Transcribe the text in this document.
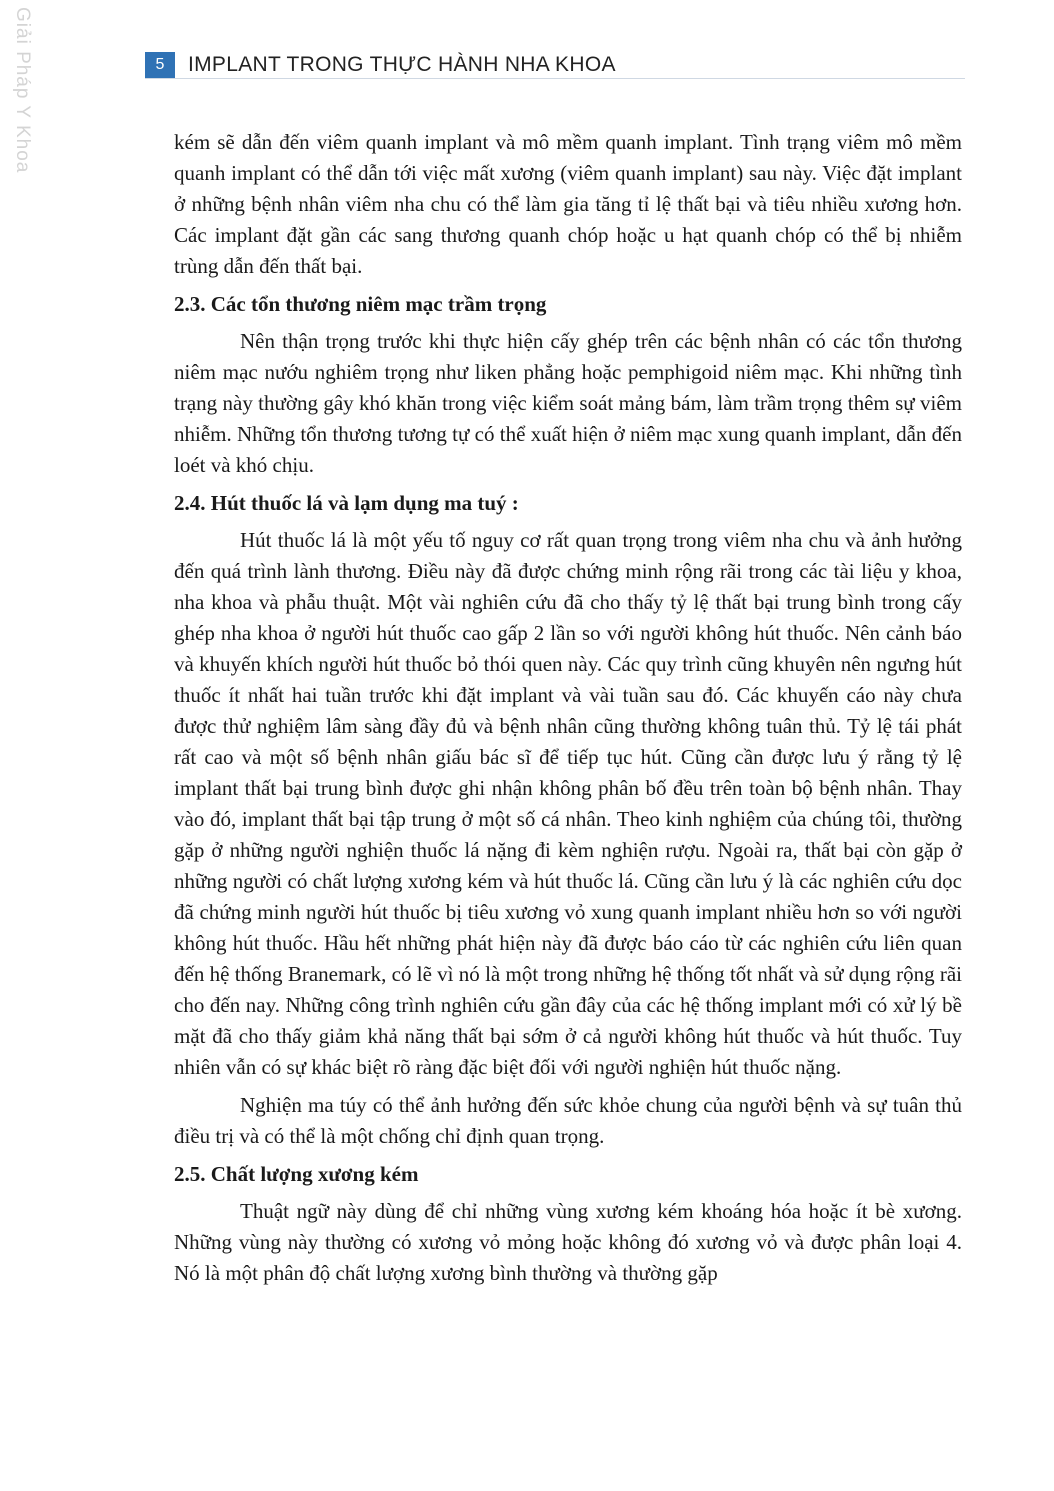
Giải Pháp Y Khoa	5	IMPLANT TRONG THỰC HÀNH NHA KHOA

kém sẽ dẫn đến viêm quanh implant và mô mềm quanh implant. Tình trạng viêm mô mềm quanh implant có thể dẫn tới việc mất xương (viêm quanh implant) sau này. Việc đặt implant ở những bệnh nhân viêm nha chu có thể làm gia tăng tỉ lệ thất bại và tiêu nhiều xương hơn. Các implant đặt gần các sang thương quanh chóp hoặc u hạt quanh chóp có thể bị nhiễm trùng dẫn đến thất bại.

2.3. Các tổn thương niêm mạc trầm trọng

Nên thận trọng trước khi thực hiện cấy ghép trên các bệnh nhân có các tổn thương niêm mạc nướu nghiêm trọng như liken phẳng hoặc pemphigoid niêm mạc. Khi những tình trạng này thường gây khó khăn trong việc kiểm soát mảng bám, làm trầm trọng thêm sự viêm nhiễm. Những tổn thương tương tự có thể xuất hiện ở niêm mạc xung quanh implant, dẫn đến loét và khó chịu.

2.4. Hút thuốc lá và lạm dụng ma tuý :

Hút thuốc lá là một yếu tố nguy cơ rất quan trọng trong viêm nha chu và ảnh hưởng đến quá trình lành thương. Điều này đã được chứng minh rộng rãi trong các tài liệu y khoa, nha khoa và phẫu thuật. Một vài nghiên cứu đã cho thấy tỷ lệ thất bại trung bình trong cấy ghép nha khoa ở người hút thuốc cao gấp 2 lần so với người không hút thuốc. Nên cảnh báo và khuyến khích người hút thuốc bỏ thói quen này. Các quy trình cũng khuyên nên ngưng hút thuốc ít nhất hai tuần trước khi đặt implant và vài tuần sau đó. Các khuyến cáo này chưa được thử nghiệm lâm sàng đầy đủ và bệnh nhân cũng thường không tuân thủ. Tỷ lệ tái phát rất cao và một số bệnh nhân giấu bác sĩ để tiếp tục hút. Cũng cần được lưu ý rằng tỷ lệ implant thất bại trung bình được ghi nhận không phân bố đều trên toàn bộ bệnh nhân. Thay vào đó, implant thất bại tập trung ở một số cá nhân. Theo kinh nghiệm của chúng tôi, thường gặp ở những người nghiện thuốc lá nặng đi kèm nghiện rượu. Ngoài ra, thất bại còn gặp ở những người có chất lượng xương kém và hút thuốc lá. Cũng cần lưu ý là các nghiên cứu dọc đã chứng minh người hút thuốc bị tiêu xương vỏ xung quanh implant nhiều hơn so với người không hút thuốc. Hầu hết những phát hiện này đã được báo cáo từ các nghiên cứu liên quan đến hệ thống Branemark, có lẽ vì nó là một trong những hệ thống tốt nhất và sử dụng rộng rãi cho đến nay. Những công trình nghiên cứu gần đây của các hệ thống implant mới có xử lý bề mặt đã cho thấy giảm khả năng thất bại sớm ở cả người không hút thuốc và hút thuốc. Tuy nhiên vẫn có sự khác biệt rõ ràng đặc biệt đối với người nghiện hút thuốc nặng.

Nghiện ma túy có thể ảnh hưởng đến sức khỏe chung của người bệnh và sự tuân thủ điều trị và có thể là một chống chỉ định quan trọng.

2.5. Chất lượng xương kém

Thuật ngữ này dùng để chỉ những vùng xương kém khoáng hóa hoặc ít bè xương. Những vùng này thường có xương vỏ mỏng hoặc không đó xương vỏ và được phân loại 4. Nó là một phân độ chất lượng xương bình thường và thường gặp
